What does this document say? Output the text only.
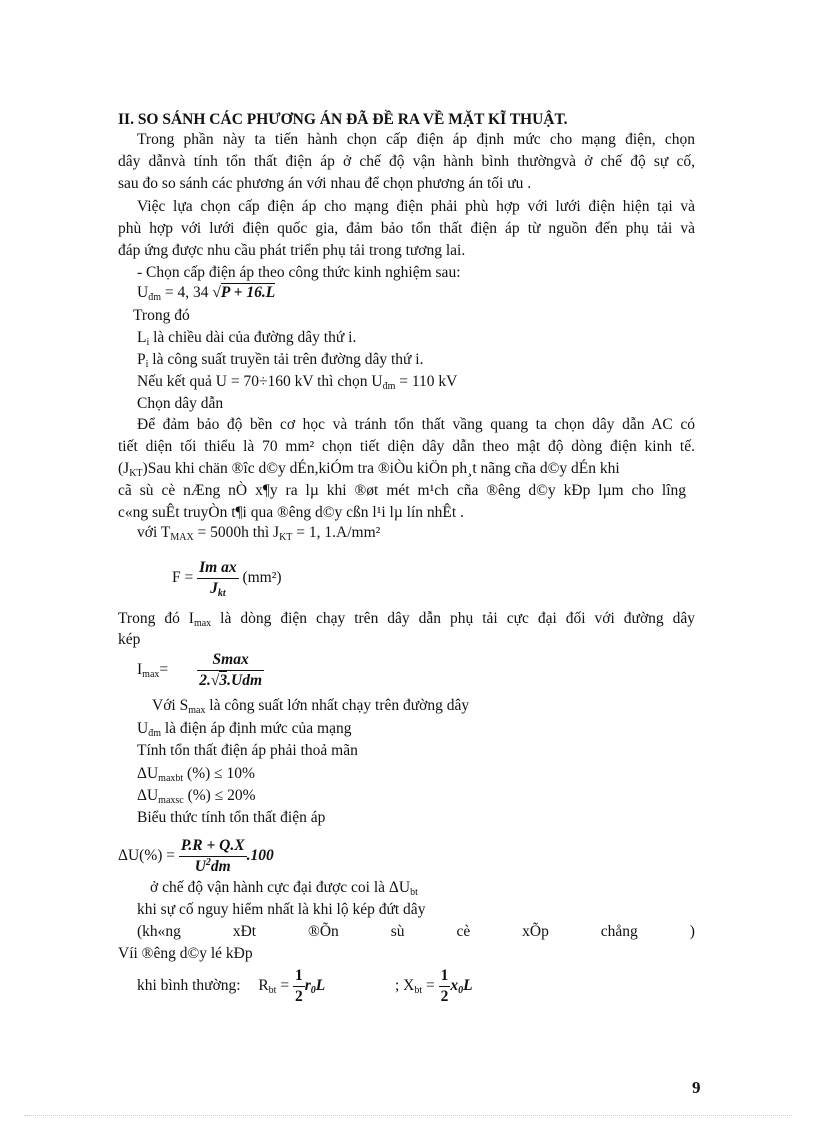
II. SO SÁNH CÁC PHƯƠNG ÁN ĐÃ ĐỀ RA VỀ MẶT KĨ THUẬT.
Trong phần này ta tiến hành chọn cấp điện áp định mức cho mạng điện, chọn
dây dẫnvà tính tổn thất điện áp ở chế độ vận hành bình thườngvà ở chế độ sự cố,
sau đo so sánh các phương án với nhau để chọn phương án tối ưu .
Việc lựa chọn cấp điện áp cho mạng điện phải phù hợp với lưới điện hiện tại và
phù hợp với lưới điện quốc gia, đảm bảo tổn thất điện áp từ nguồn đến phụ tải và
đáp ứng được nhu cầu phát triển phụ tải trong tương lai.
- Chọn cấp điện áp theo công thức kinh nghiệm sau:
$U_{đm} = 4$, 34 √P + 16.L
Trong đó
$L_i$ là chiều dài của đường dây thứ i.
$P_i$ là công suất truyền tải trên đường dây thứ i.
Nếu kết quả U = 70÷160 kV thì chọn $U_{đm} = 110$ kV
Chọn dây dẫn
Để đảm bảo độ bền cơ học và tránh tổn thất vầng quang ta chọn dây dẫn AC có
tiết diện tối thiểu là 70 mm² chọn tiết diện dây dẫn theo mật độ dòng điện kinh tế.
$(J_{KT})Sau$ khi chän ®îc d©y dÉn,kiÓm tra ®iÒu kiÖn ph¸t nãng cña d©y dÉn khi
cã sù cè nÆng nÒ x¶y ra lµ khi ®øt mét m¹ch cña ®êng d©y kÐp lµm cho lîng
c«ng suÊt truyÒn t¶i qua ®êng d©y cßn l¹i lµ lín nhÊt .
với $T_{MAX} = 5000h$ thì $J_{KT} = 1$, 1.A/mm²
$F = \frac{\text{Im ax}}{J_{kt}} (mm^2)$
Trong đó $I_{max}$ là dòng điện chạy trên dây dẫn phụ tải cực đại đối với đường dây
kép
$I_{max}= \frac{Smax}{\text{2.√3.Udm}}$
Với $S_{max}$ là công suất lớn nhất chạy trên đường dây
$U_{đm}$ là điện áp định mức của mạng
Tính tổn thất điện áp phải thoả mãn
$\Delta U_{maxbt}$ (%) ≤ 10%
$\Delta U_{maxsc}$ (%) ≤ 20%
Biểu thức tính tổn thất điện áp
$\Delta U(\%) = \frac{P.R + Q.X}{U^2dm} .100$
ở chế độ vận hành cực đại được coi là $\Delta U_{bt}$
khi sự cố nguy hiểm nhất là khi lộ kép đứt dây
(kh«ng	xÐt	®Õn	sù	cè	xÕp	chång	)
Víi ®êng d©y lé kÐp
khi bình thường: $R_{bt} = \frac{1}{2} r_0L$	; $X_{bt} = \frac{1}{2} x_0L$
9
